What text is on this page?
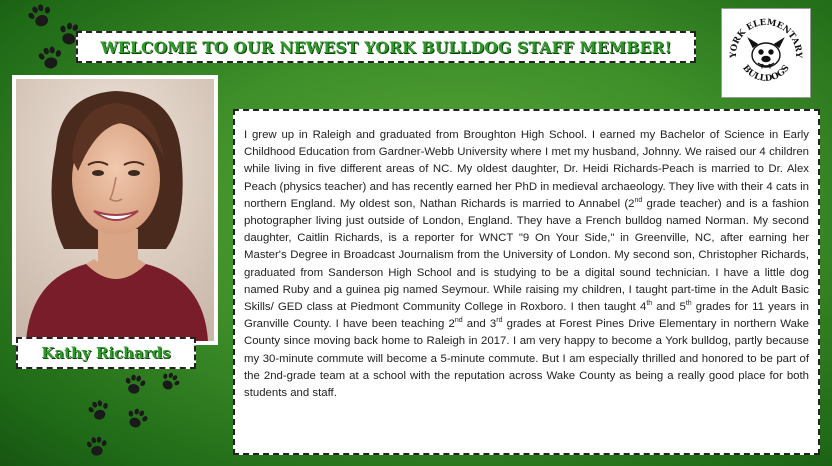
WELCOME TO OUR NEWEST YORK BULLDOG STAFF MEMBER!	YORK ELEMENTARY
BULLDOGS
Kathy Richards

I grew up in Raleigh and graduated from Broughton High School. I earned my Bachelor of Science in Early Childhood Education from Gardner-Webb University where I met my husband, Johnny. We raised our 4 children while living in five different areas of NC. My oldest daughter, Dr. Heidi Richards-Peach is married to Dr. Alex Peach (physics teacher) and has recently earned her PhD in medieval archaeology. They live with their 4 cats in northern England. My oldest son, Nathan Richards is married to Annabel (2nd grade teacher) and is a fashion photographer living just outside of London, England. They have a French bulldog named Norman. My second daughter, Caitlin Richards, is a reporter for WNCT "9 On Your Side," in Greenville, NC, after earning her Master's Degree in Broadcast Journalism from the University of London. My second son, Christopher Richards, graduated from Sanderson High School and is studying to be a digital sound technician. I have a little dog named Ruby and a guinea pig named Seymour. While raising my children, I taught part-time in the Adult Basic Skills/ GED class at Piedmont Community College in Roxboro. I then taught 4th and 5th grades for 11 years in Granville County. I have been teaching 2nd and 3rd grades at Forest Pines Drive Elementary in northern Wake County since moving back home to Raleigh in 2017. I am very happy to become a York bulldog, partly because my 30-minute commute will become a 5-minute commute. But I am especially thrilled and honored to be part of the 2nd-grade team at a school with the reputation across Wake County as being a really good place for both students and staff.
